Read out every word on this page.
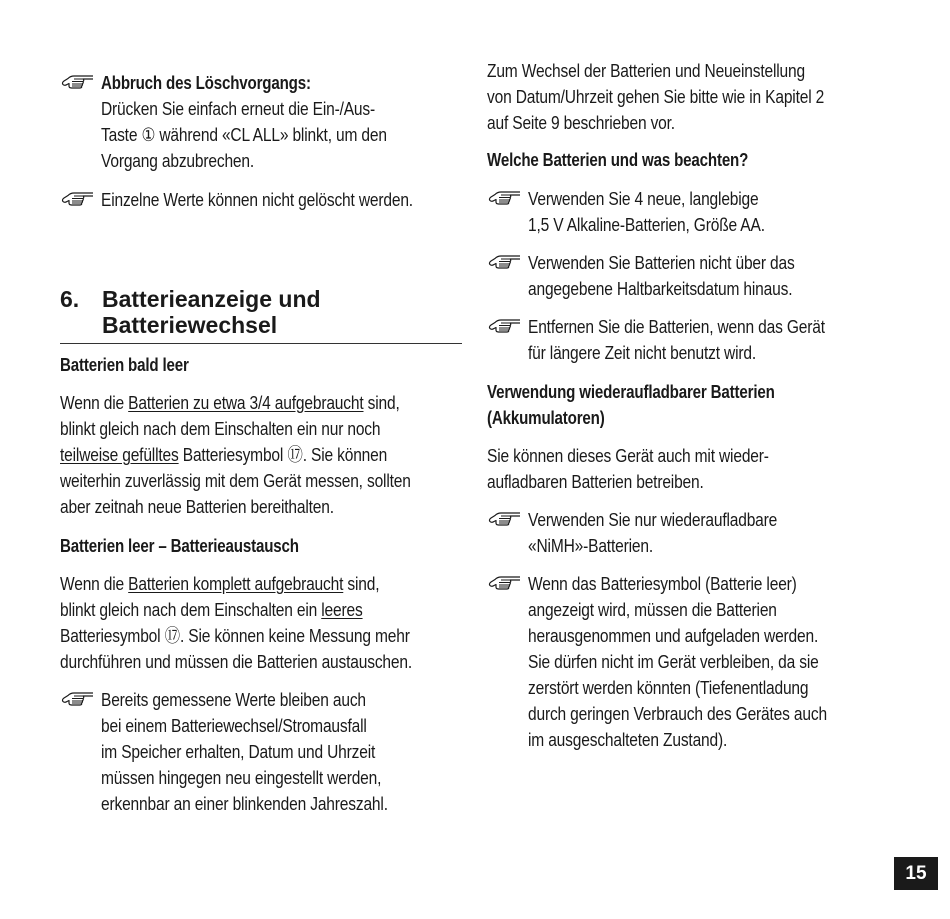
Abbruch des Löschvorgangs:
Drücken Sie einfach erneut die Ein-/Aus-
Taste ① während «CL ALL» blinkt, um den
Vorgang abzubrechen.
Einzelne Werte können nicht gelöscht werden.
6. Batterieanzeige und
Batteriewechsel
Batterien bald leer
Wenn die Batterien zu etwa 3/4 aufgebraucht sind,
blinkt gleich nach dem Einschalten ein nur noch
teilweise gefülltes Batteriesymbol ⑰. Sie können
weiterhin zuverlässig mit dem Gerät messen, sollten
aber zeitnah neue Batterien bereithalten.
Batterien leer – Batterieaustausch
Wenn die Batterien komplett aufgebraucht sind,
blinkt gleich nach dem Einschalten ein leeres
Batteriesymbol ⑰. Sie können keine Messung mehr
durchführen und müssen die Batterien austauschen.
Bereits gemessene Werte bleiben auch
bei einem Batteriewechsel/Stromausfall
im Speicher erhalten, Datum und Uhrzeit
müssen hingegen neu eingestellt werden,
erkennbar an einer blinkenden Jahreszahl.
Zum Wechsel der Batterien und Neueinstellung
von Datum/Uhrzeit gehen Sie bitte wie in Kapitel 2
auf Seite 9 beschrieben vor.
Welche Batterien und was beachten?
Verwenden Sie 4 neue, langlebige
1,5 V Alkaline-Batterien, Größe AA.
Verwenden Sie Batterien nicht über das
angegebene Haltbarkeitsdatum hinaus.
Entfernen Sie die Batterien, wenn das Gerät
für längere Zeit nicht benutzt wird.
Verwendung wiederaufladbarer Batterien
(Akkumulatoren)
Sie können dieses Gerät auch mit wieder-
aufladbaren Batterien betreiben.
Verwenden Sie nur wiederaufladbare
«NiMH»-Batterien.
Wenn das Batteriesymbol (Batterie leer)
angezeigt wird, müssen die Batterien
herausgenommen und aufgeladen werden.
Sie dürfen nicht im Gerät verbleiben, da sie
zerstört werden könnten (Tiefenentladung
durch geringen Verbrauch des Gerätes auch
im ausgeschalteten Zustand).
15
